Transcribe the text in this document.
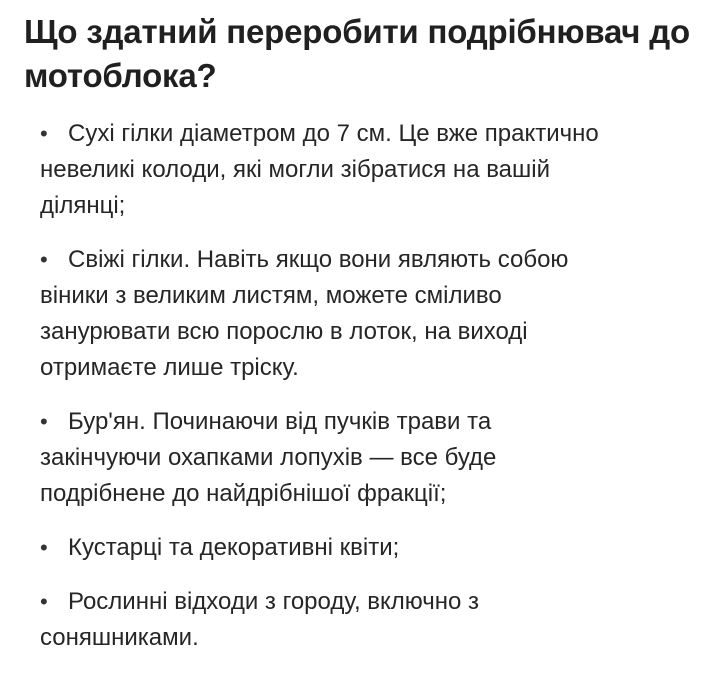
Що здатний переробити подрібнювач до мотоблока?
• Сухі гілки діаметром до 7 см. Це вже практично невеликі колоди, які могли зібратися на вашій ділянці;
• Свіжі гілки. Навіть якщо вони являють собою віники з великим листям, можете сміливо занурювати всю порослю в лоток, на виході отримаєте лише тріску.
• Бур'ян. Починаючи від пучків трави та закінчуючи охапками лопухів — все буде подрібнене до найдрібнішої фракції;
• Кустарці та декоративні квіти;
• Рослинні відходи з городу, включно з соняшниками.
